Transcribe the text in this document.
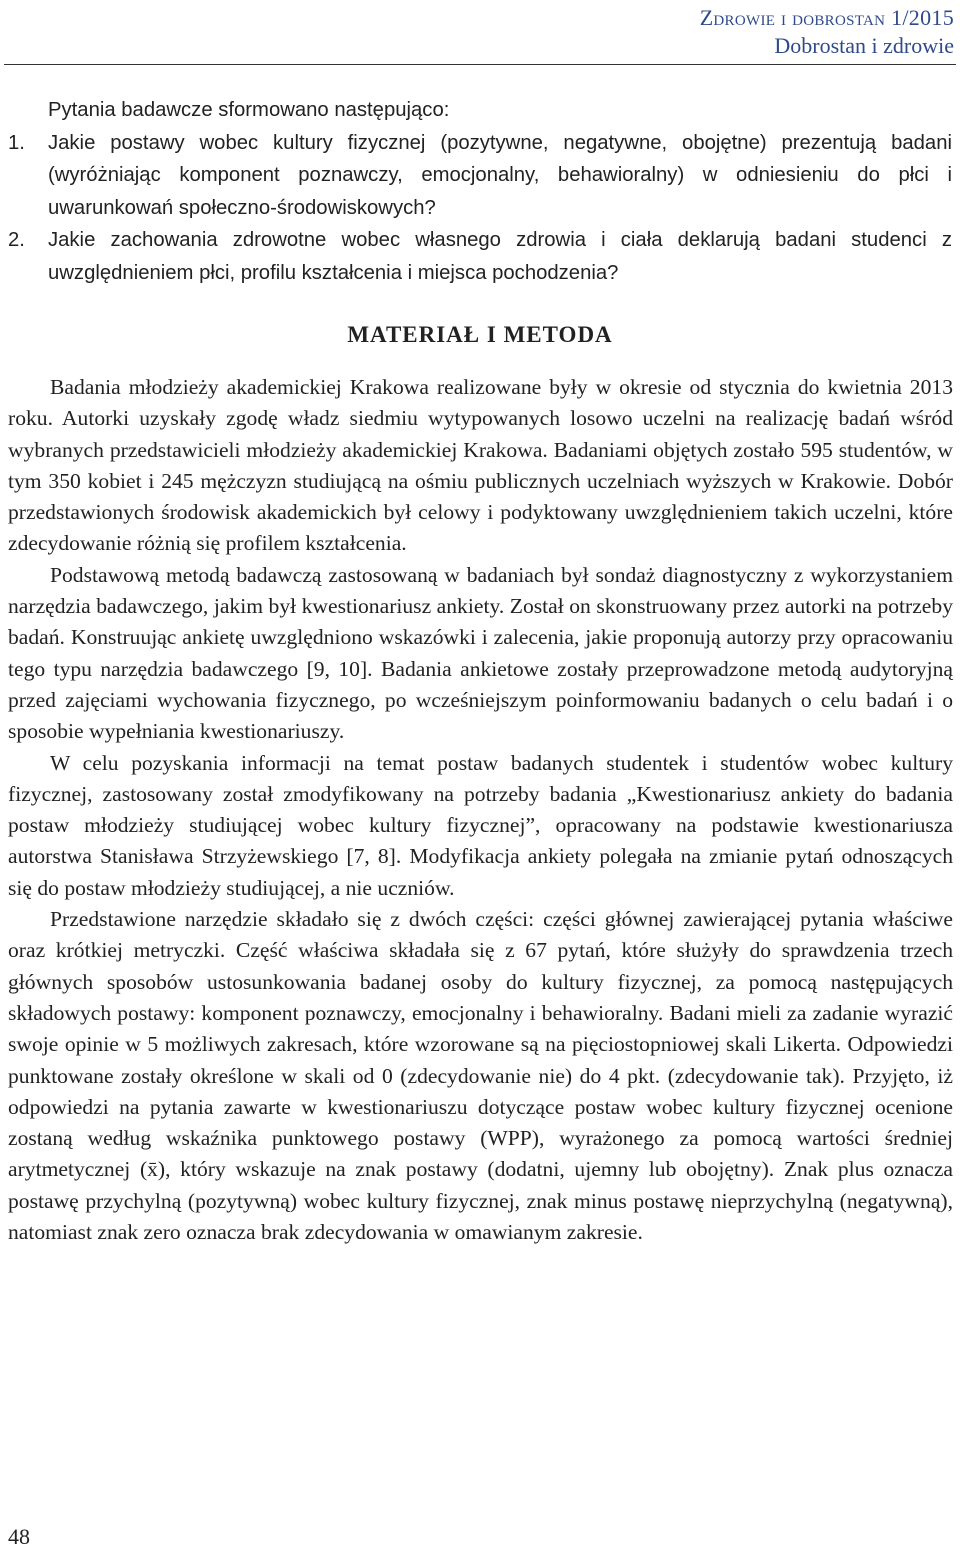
Zdrowie i dobrostan 1/2015
Dobrostan i zdrowie

Pytania badawcze sformowano następująco:

1. Jakie postawy wobec kultury fizycznej (pozytywne, negatywne, obojętne) prezentują badani (wyróżniając komponent poznawczy, emocjonalny, behawioralny) w odniesieniu do płci i uwarunkowań społeczno-środowiskowych?
2. Jakie zachowania zdrowotne wobec własnego zdrowia i ciała deklarują badani studenci z uwzględnieniem płci, profilu kształcenia i miejsca pochodzenia?
MATERIAŁ I METODA

Badania młodzieży akademickiej Krakowa realizowane były w okresie od stycznia do kwietnia 2013 roku. Autorki uzyskały zgodę władz siedmiu wytypowanych losowo uczelni na realizację badań wśród wybranych przedstawicieli młodzieży akademickiej Krakowa. Badaniami objętych zostało 595 studentów, w tym 350 kobiet i 245 mężczyzn studiującą na ośmiu publicznych uczelniach wyższych w Krakowie. Dobór przedstawionych środowisk akademickich był celowy i podyktowany uwzględnieniem takich uczelni, które zdecydowanie różnią się profilem kształcenia.

Podstawową metodą badawczą zastosowaną w badaniach był sondaż diagnostyczny z wykorzystaniem narzędzia badawczego, jakim był kwestionariusz ankiety. Został on skonstruowany przez autorki na potrzeby badań. Konstruując ankietę uwzględniono wskazówki i zalecenia, jakie proponują autorzy przy opracowaniu tego typu narzędzia badawczego [9, 10]. Badania ankietowe zostały przeprowadzone metodą audytoryjną przed zajęciami wychowania fizycznego, po wcześniejszym poinformowaniu badanych o celu badań i o sposobie wypełniania kwestionariuszy.

W celu pozyskania informacji na temat postaw badanych studentek i studentów wobec kultury fizycznej, zastosowany został zmodyfikowany na potrzeby badania „Kwestionariusz ankiety do badania postaw młodzieży studiującej wobec kultury fizycznej”, opracowany na podstawie kwestionariusza autorstwa Stanisława Strzyżewskiego [7, 8]. Modyfikacja ankiety polegała na zmianie pytań odnoszących się do postaw młodzieży studiującej, a nie uczniów.

Przedstawione narzędzie składało się z dwóch części: części głównej zawierającej pytania właściwe oraz krótkiej metryczki. Część właściwa składała się z 67 pytań, które służyły do sprawdzenia trzech głównych sposobów ustosunkowania badanej osoby do kultury fizycznej, za pomocą następujących składowych postawy: komponent poznawczy, emocjonalny i behawioralny. Badani mieli za zadanie wyrazić swoje opinie w 5 możliwych zakresach, które wzorowane są na pięciostopniowej skali Likerta. Odpowiedzi punktowane zostały określone w skali od 0 (zdecydowanie nie) do 4 pkt. (zdecydowanie tak). Przyjęto, iż odpowiedzi na pytania zawarte w kwestionariuszu dotyczące postaw wobec kultury fizycznej ocenione zostaną według wskaźnika punktowego postawy (WPP), wyrażonego za pomocą wartości średniej arytmetycznej (x̄), który wskazuje na znak postawy (dodatni, ujemny lub obojętny). Znak plus oznacza postawę przychylną (pozytywną) wobec kultury fizycznej, znak minus postawę nieprzychylną (negatywną), natomiast znak zero oznacza brak zdecydowania w omawianym zakresie.

48
